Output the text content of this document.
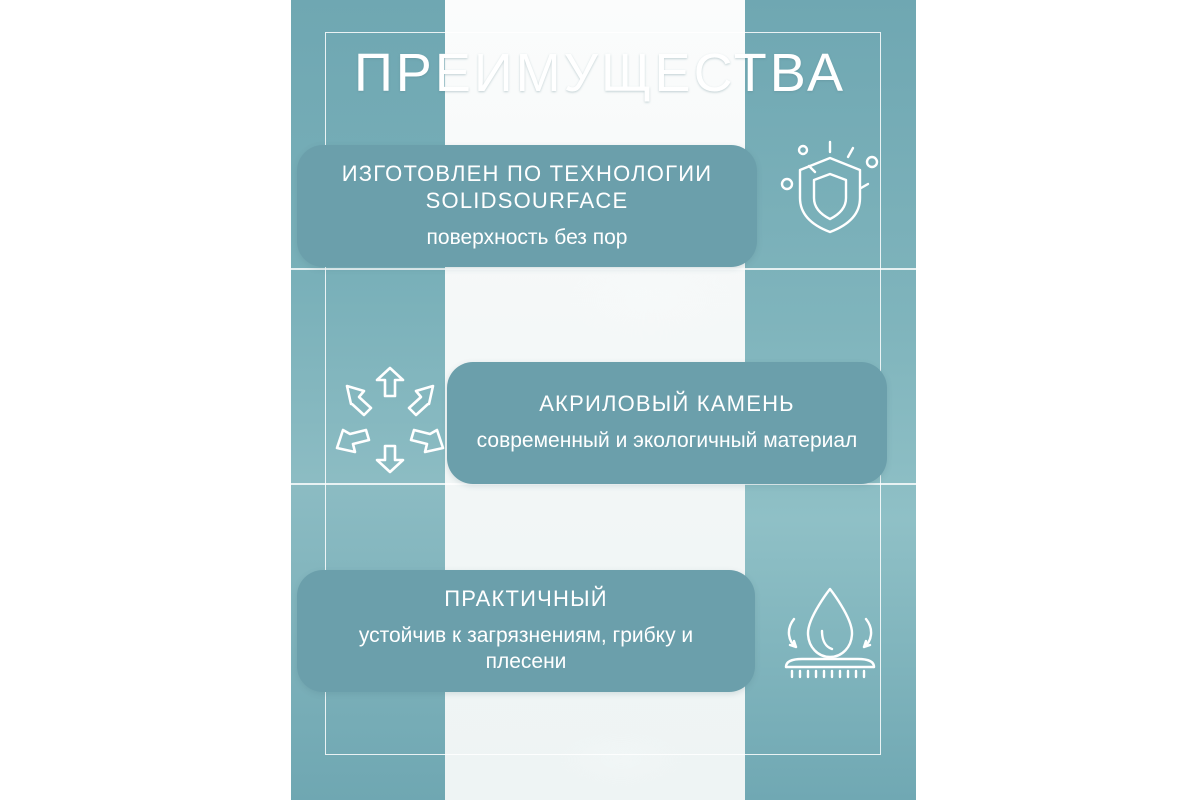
ПРЕИМУЩЕСТВА
ИЗГОТОВЛЕН ПО ТЕХНОЛОГИИ SOLIDSOURFACE
поверхность без пор
АКРИЛОВЫЙ КАМЕНЬ
современный и экологичный материал
ПРАКТИЧНЫЙ
устойчив к загрязнениям, грибку и плесени
